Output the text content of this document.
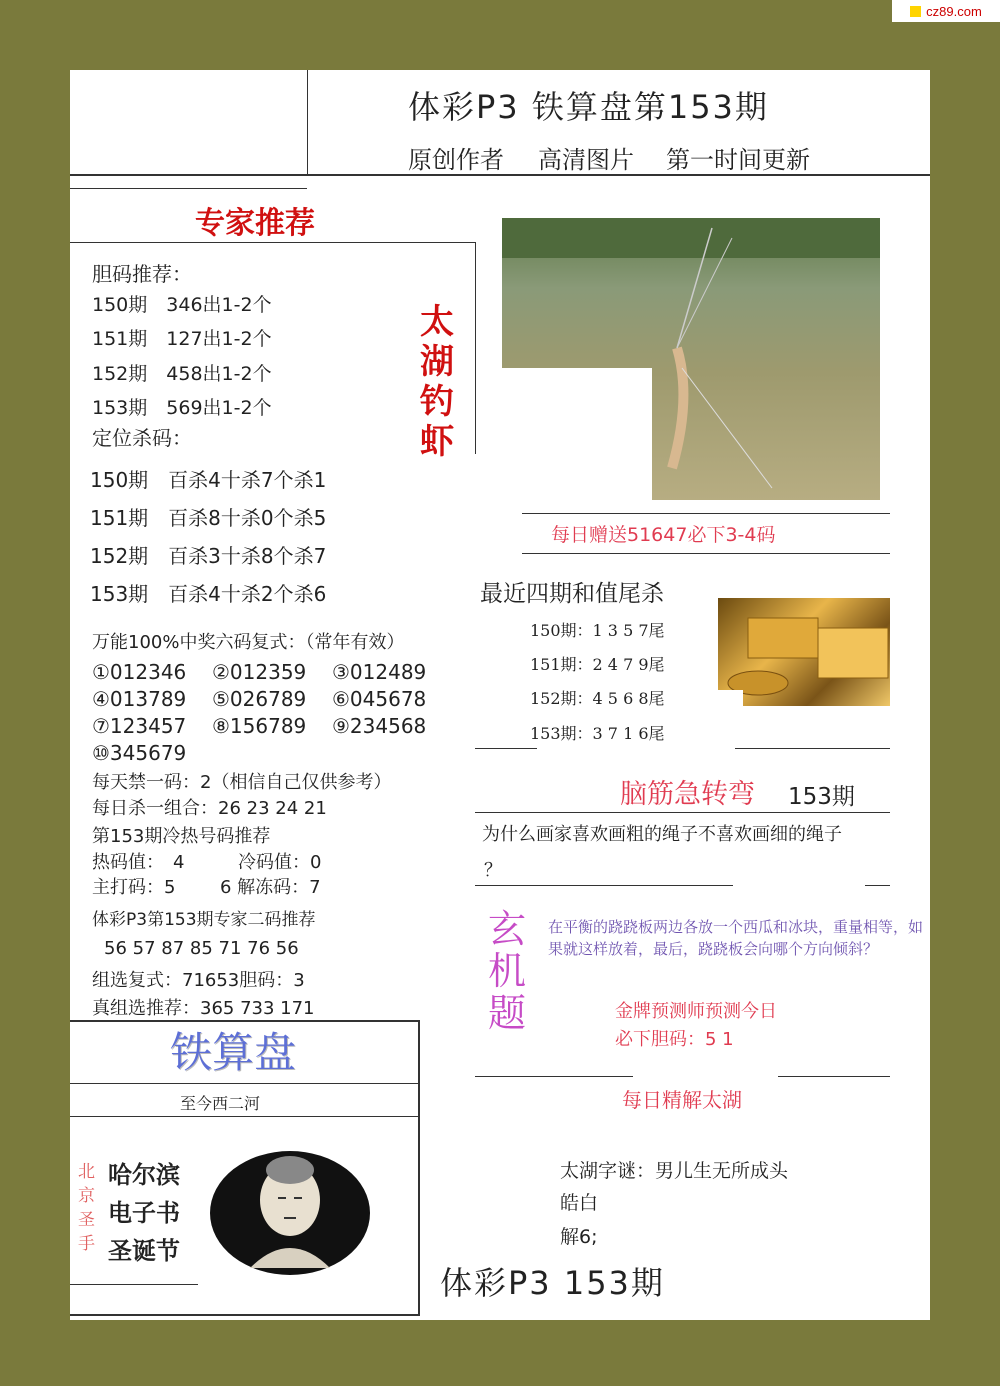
cz89.com
体彩P3 铁算盘第153期
原创作者 高清图片 第一时间更新
专家推荐
胆码推荐：
150期　346出1-2个
151期　127出1-2个
152期　458出1-2个
153期　569出1-2个
太湖钓虾
定位杀码：
150期　百杀4十杀7个杀1
151期　百杀8十杀0个杀5
152期　百杀3十杀8个杀7
153期　百杀4十杀2个杀6
万能100%中奖六码复式：（常年有效）
①012346 ②012359 ③012489
④013789 ⑤026789 ⑥045678
⑦123457 ⑧156789 ⑨234568
⑩345679
每天禁一码：2（相信自己仅供参考）
每日杀一组合：26 23 24 21
第153期冷热号码推荐
热码值：　4	冷码值：0
主打码：5 6 解冻码：7
体彩P3第153期专家二码推荐
56 57 87 85 71 76 56
组选复式：71653胆码：3
真组选推荐：365 733 171
铁算盘
至今西二河
北京圣手
哈尔滨
电子书
圣诞节
体彩P3 153期
每日赠送51647必下3-4码
最近四期和值尾杀
150期：1 3 5 7尾
151期：2 4 7 9尾
152期：4 5 6 8尾
153期：3 7 1 6尾
脑筋急转弯 153期
为什么画家喜欢画粗的绳子不喜欢画细的绳子
？
玄机题
在平衡的跷跷板两边各放一个西瓜和冰块，重量相等，如果就这样放着，最后，跷跷板会向哪个方向倾斜？
金牌预测师预测今日
必下胆码：5 1
每日精解太湖
太湖字谜：男儿生无所成头
皓白
解6;
